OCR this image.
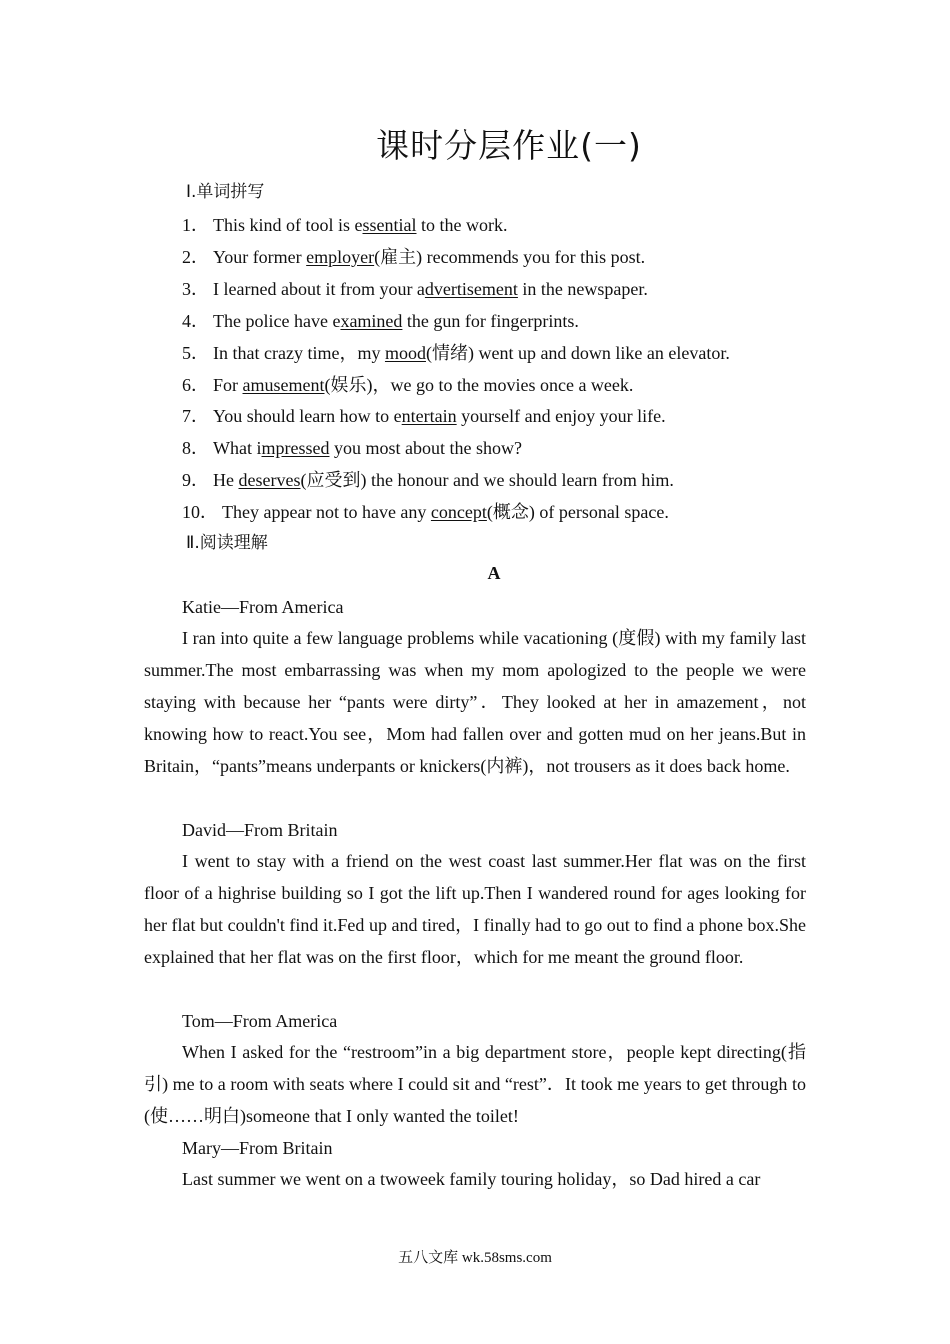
课时分层作业(一)
Ⅰ.单词拼写
1． This kind of tool is essential to the work.
2． Your former employer(雇主) recommends you for this post.
3． I learned about it from your advertisement in the newspaper.
4． The police have examined the gun for fingerprints.
5． In that crazy time，my mood(情绪) went up and down like an elevator.
6． For amusement(娱乐)，we go to the movies once a week.
7． You should learn how to entertain yourself and enjoy your life.
8． What impressed you most about the show?
9． He deserves(应受到) the honour and we should learn from him.
10． They appear not to have any concept(概念) of personal space.
Ⅱ.阅读理解
A
Katie—From America
I ran into quite a few language problems while vacationing (度假) with my family last summer.The most embarrassing was when my mom apologized to the people we were staying with because her “pants were dirty”．They looked at her in amazement，not knowing how to react.You see，Mom had fallen over and gotten mud on her jeans.But in Britain，“pants”means underpants or knickers(内裤)，not trousers as it does back home.
David—From Britain
I went to stay with a friend on the west coast last summer.Her flat was on the first floor of a highrise building so I got the lift up.Then I wandered round for ages looking for her flat but couldn't find it.Fed up and tired，I finally had to go out to find a phone box.She explained that her flat was on the first floor，which for me meant the ground floor.
Tom—From America
When I asked for the “restroom”in a big department store，people kept directing(指引) me to a room with seats where I could sit and “rest”．It took me years to get through to (使……明白)someone that I only wanted the toilet!
Mary—From Britain
Last summer we went on a twoweek family touring holiday，so Dad hired a car
五八文库 wk.58sms.com
